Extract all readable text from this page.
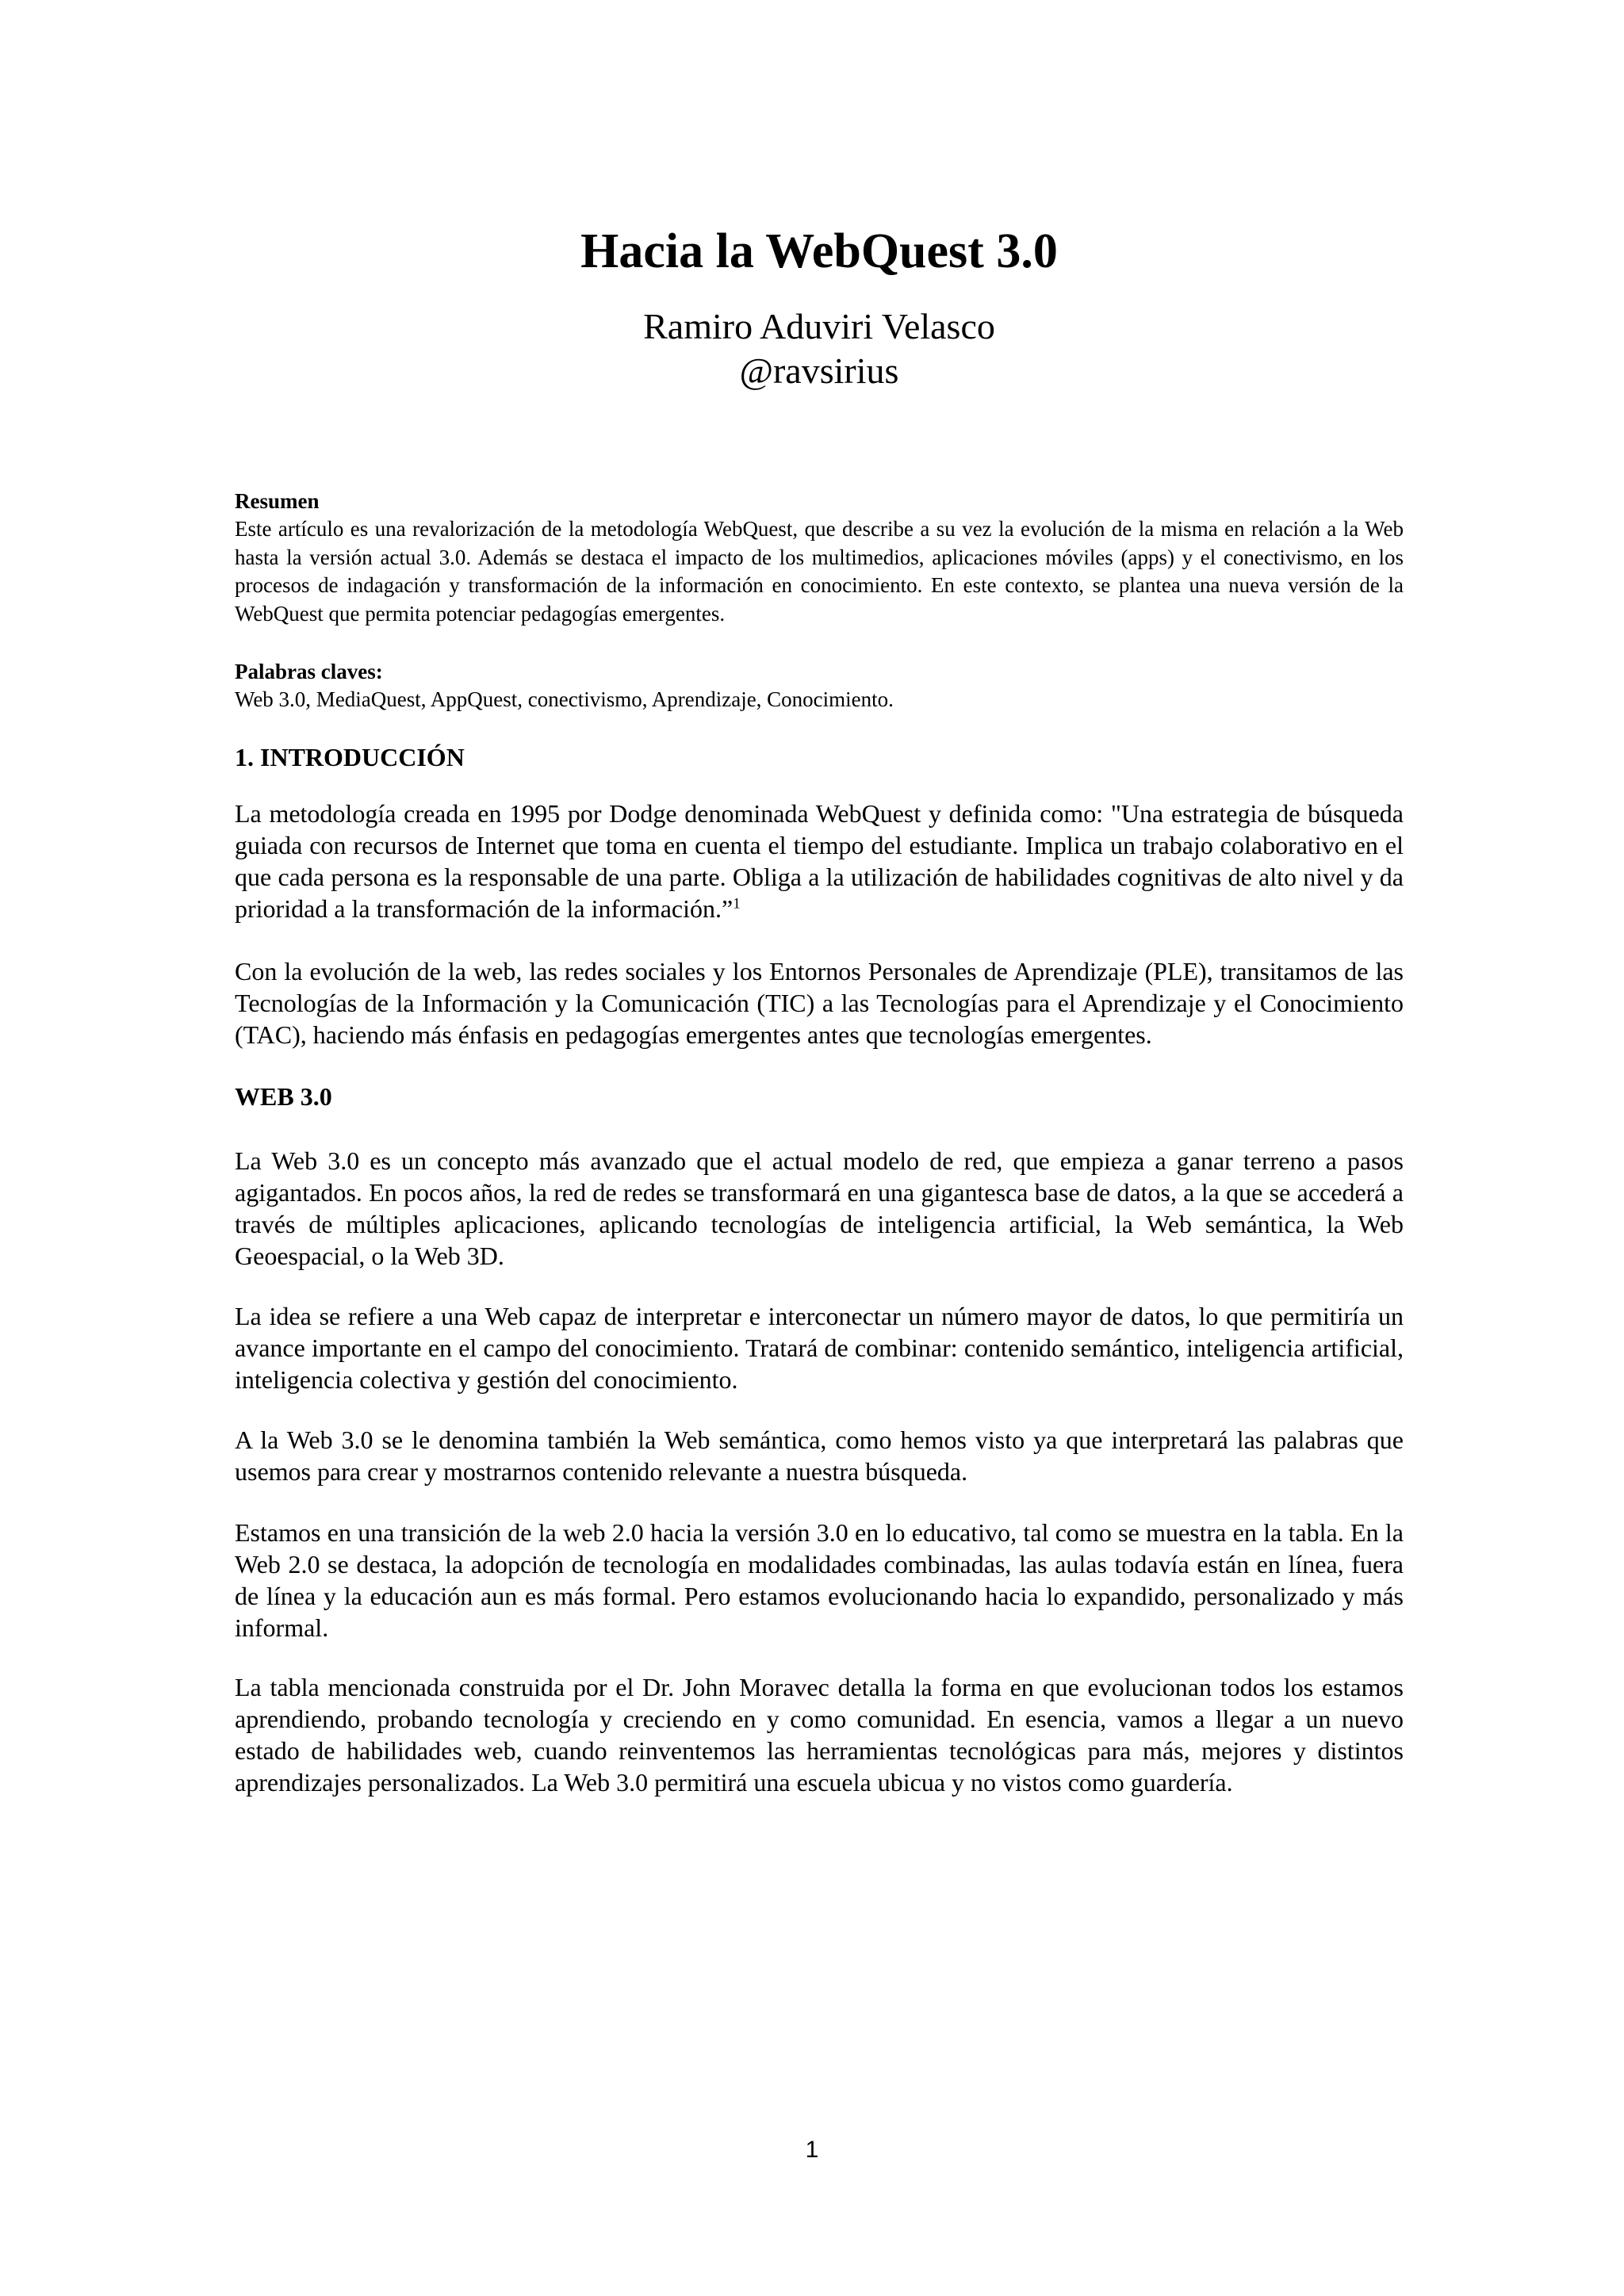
Hacia la WebQuest 3.0

Ramiro Aduviri Velasco

@ravsirius

Resumen

Este artículo es una revalorización de la metodología WebQuest, que describe a su vez la evolución de la misma en relación a la Web hasta la versión actual 3.0. Además se destaca el impacto de los multimedios, aplicaciones móviles (apps) y el conectivismo, en los procesos de indagación y transformación de la información en conocimiento. En este contexto, se plantea una nueva versión de la WebQuest que permita potenciar pedagogías emergentes.

Palabras claves:

Web 3.0, MediaQuest, AppQuest, conectivismo, Aprendizaje, Conocimiento.

1. INTRODUCCIÓN

La metodología creada en 1995 por Dodge denominada WebQuest y definida como: "Una estrategia de búsqueda guiada con recursos de Internet que toma en cuenta el tiempo del estudiante. Implica un trabajo colaborativo en el que cada persona es la responsable de una parte. Obliga a la utilización de habilidades cognitivas de alto nivel y da prioridad a la transformación de la información.”$^1$

Con la evolución de la web, las redes sociales y los Entornos Personales de Aprendizaje (PLE), transitamos de las Tecnologías de la Información y la Comunicación (TIC) a las Tecnologías para el Aprendizaje y el Conocimiento (TAC), haciendo más énfasis en pedagogías emergentes antes que tecnologías emergentes.

WEB 3.0

La Web 3.0 es un concepto más avanzado que el actual modelo de red, que empieza a ganar terreno a pasos agigantados. En pocos años, la red de redes se transformará en una gigantesca base de datos, a la que se accederá a través de múltiples aplicaciones, aplicando tecnologías de inteligencia artificial, la Web semántica, la Web Geoespacial, o la Web 3D.

La idea se refiere a una Web capaz de interpretar e interconectar un número mayor de datos, lo que permitiría un avance importante en el campo del conocimiento. Tratará de combinar: contenido semántico, inteligencia artificial, inteligencia colectiva y gestión del conocimiento.

A la Web 3.0 se le denomina también la Web semántica, como hemos visto ya que interpretará las palabras que usemos para crear y mostrarnos contenido relevante a nuestra búsqueda.

Estamos en una transición de la web 2.0 hacia la versión 3.0 en lo educativo, tal como se muestra en la tabla. En la Web 2.0 se destaca, la adopción de tecnología en modalidades combinadas, las aulas todavía están en línea, fuera de línea y la educación aun es más formal. Pero estamos evolucionando hacia lo expandido, personalizado y más informal.

La tabla mencionada construida por el Dr. John Moravec detalla la forma en que evolucionan todos los estamos aprendiendo, probando tecnología y creciendo en y como comunidad. En esencia, vamos a llegar a un nuevo estado de habilidades web, cuando reinventemos las herramientas tecnológicas para más, mejores y distintos aprendizajes personalizados. La Web 3.0 permitirá una escuela ubicua y no vistos como guardería.

1
